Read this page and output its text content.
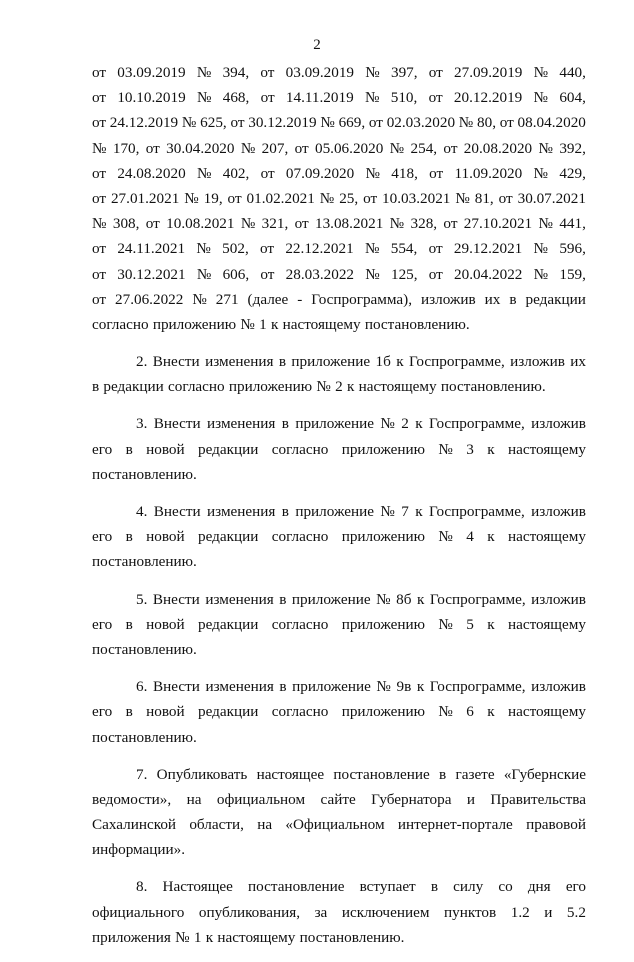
2
от 03.09.2019 № 394, от 03.09.2019 № 397, от 27.09.2019 № 440,
от 10.10.2019 № 468, от 14.11.2019 № 510, от 20.12.2019 № 604,
от 24.12.2019 № 625, от 30.12.2019 № 669, от 02.03.2020 № 80, от 08.04.2020
№ 170, от 30.04.2020 № 207, от 05.06.2020 № 254, от 20.08.2020 № 392,
от 24.08.2020 № 402, от 07.09.2020 № 418, от 11.09.2020 № 429,
от 27.01.2021 № 19, от 01.02.2021 № 25, от 10.03.2021 № 81, от 30.07.2021
№ 308, от 10.08.2021 № 321, от 13.08.2021 № 328, от 27.10.2021 № 441,
от 24.11.2021 № 502, от 22.12.2021 № 554, от 29.12.2021 № 596,
от 30.12.2021 № 606, от 28.03.2022 № 125, от 20.04.2022 № 159,
от 27.06.2022 № 271 (далее - Госпрограмма), изложив их в редакции
согласно приложению № 1 к настоящему постановлению.
2. Внести изменения в приложение 1б к Госпрограмме, изложив их
в редакции согласно приложению № 2 к настоящему постановлению.
3. Внести изменения в приложение № 2 к Госпрограмме, изложив
его в новой редакции согласно приложению № 3 к настоящему
постановлению.
4. Внести изменения в приложение № 7 к Госпрограмме, изложив
его в новой редакции согласно приложению № 4 к настоящему
постановлению.
5. Внести изменения в приложение № 8б к Госпрограмме, изложив
его в новой редакции согласно приложению № 5 к настоящему
постановлению.
6. Внести изменения в приложение № 9в к Госпрограмме, изложив
его в новой редакции согласно приложению № 6 к настоящему
постановлению.
7. Опубликовать настоящее постановление в газете «Губернские
ведомости», на официальном сайте Губернатора и Правительства
Сахалинской области, на «Официальном интернет-портале правовой
информации».
8. Настоящее постановление вступает в силу со дня его
официального опубликования, за исключением пунктов 1.2 и 5.2
приложения № 1 к настоящему постановлению.
